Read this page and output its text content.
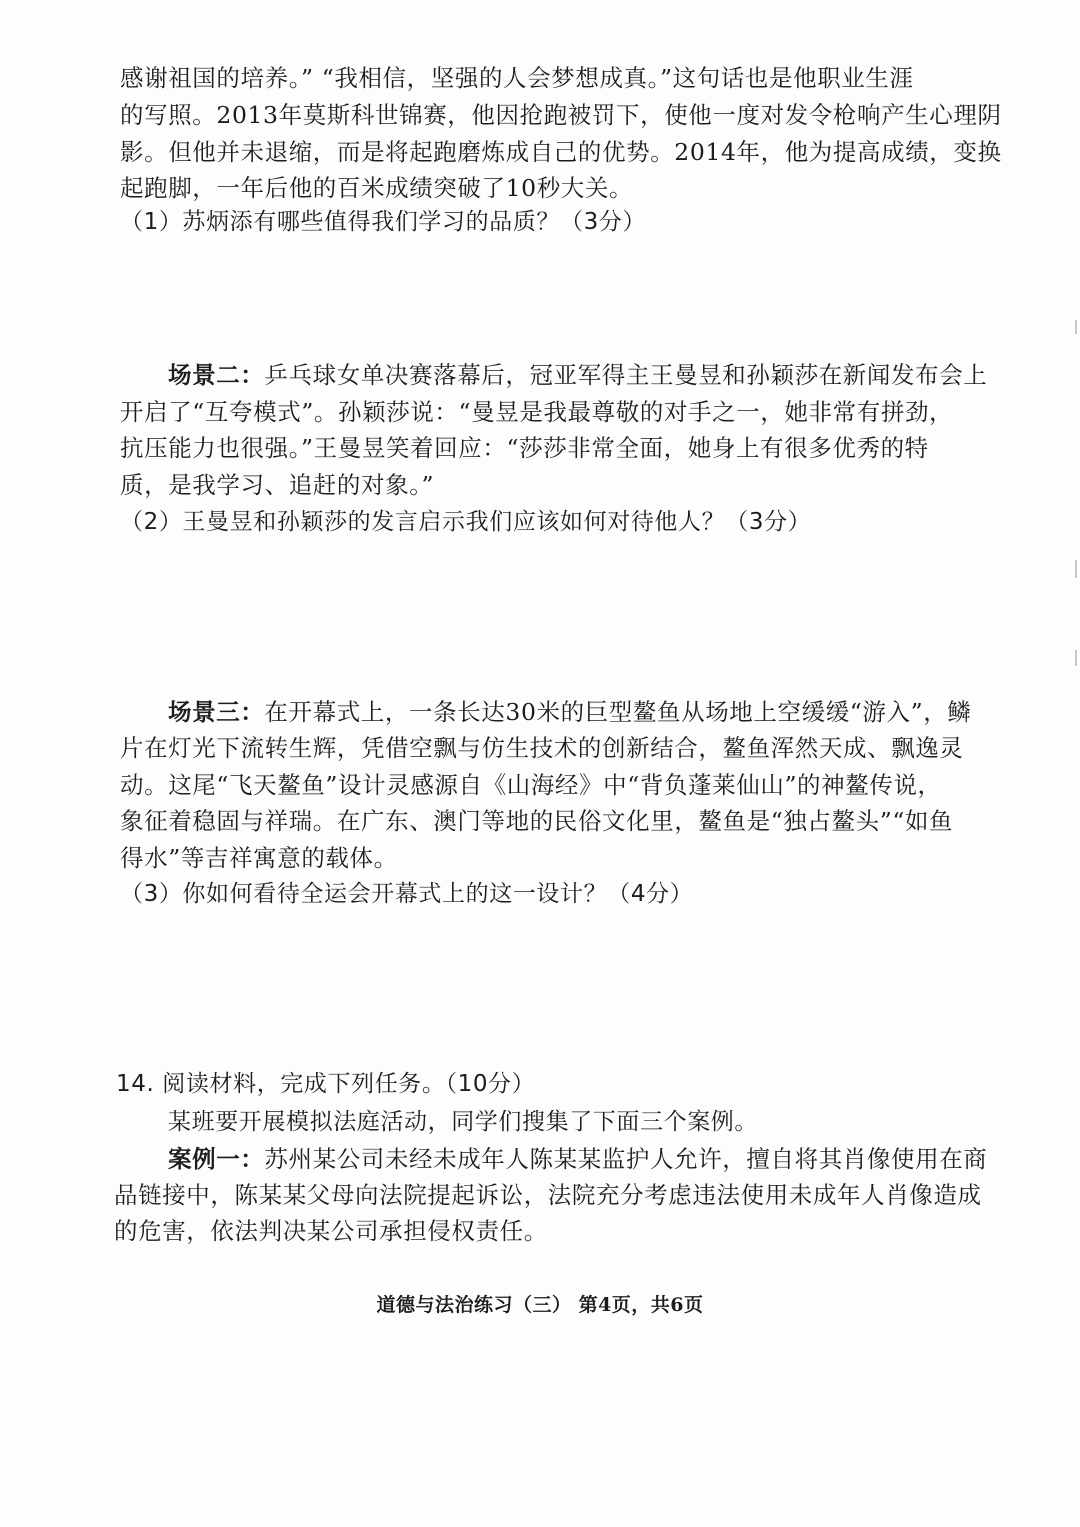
感谢祖国的培养。” “我相信，坚强的人会梦想成真。”这句话也是他职业生涯
的写照。2013年莫斯科世锦赛，他因抢跑被罚下，使他一度对发令枪响产生心理阴
影。但他并未退缩，而是将起跑磨炼成自己的优势。2014年，他为提高成绩，变换
起跑脚，一年后他的百米成绩突破了10秒大关。
（1）苏炳添有哪些值得我们学习的品质？（3分）
场景二：乒乓球女单决赛落幕后，冠亚军得主王曼昱和孙颖莎在新闻发布会上
开启了“互夸模式”。孙颖莎说：“曼昱是我最尊敬的对手之一，她非常有拼劲，
抗压能力也很强。”王曼昱笑着回应：“莎莎非常全面，她身上有很多优秀的特
质，是我学习、追赶的对象。”
（2）王曼昱和孙颖莎的发言启示我们应该如何对待他人？（3分）
场景三：在开幕式上，一条长达30米的巨型鳌鱼从场地上空缓缓“游入”，鳞
片在灯光下流转生辉，凭借空飘与仿生技术的创新结合，鳌鱼浑然天成、飘逸灵
动。这尾“飞天鳌鱼”设计灵感源自《山海经》中“背负蓬莱仙山”的神鳌传说，
象征着稳固与祥瑞。在广东、澳门等地的民俗文化里，鳌鱼是“独占鳌头”“如鱼
得水”等吉祥寓意的载体。
（3）你如何看待全运会开幕式上的这一设计？（4分）
14. 阅读材料，完成下列任务。（10分）
某班要开展模拟法庭活动，同学们搜集了下面三个案例。
案例一：苏州某公司未经未成年人陈某某监护人允许，擅自将其肖像使用在商
品链接中，陈某某父母向法院提起诉讼，法院充分考虑违法使用未成年人肖像造成
的危害，依法判决某公司承担侵权责任。
道德与法治练习（三） 第4页，共6页
